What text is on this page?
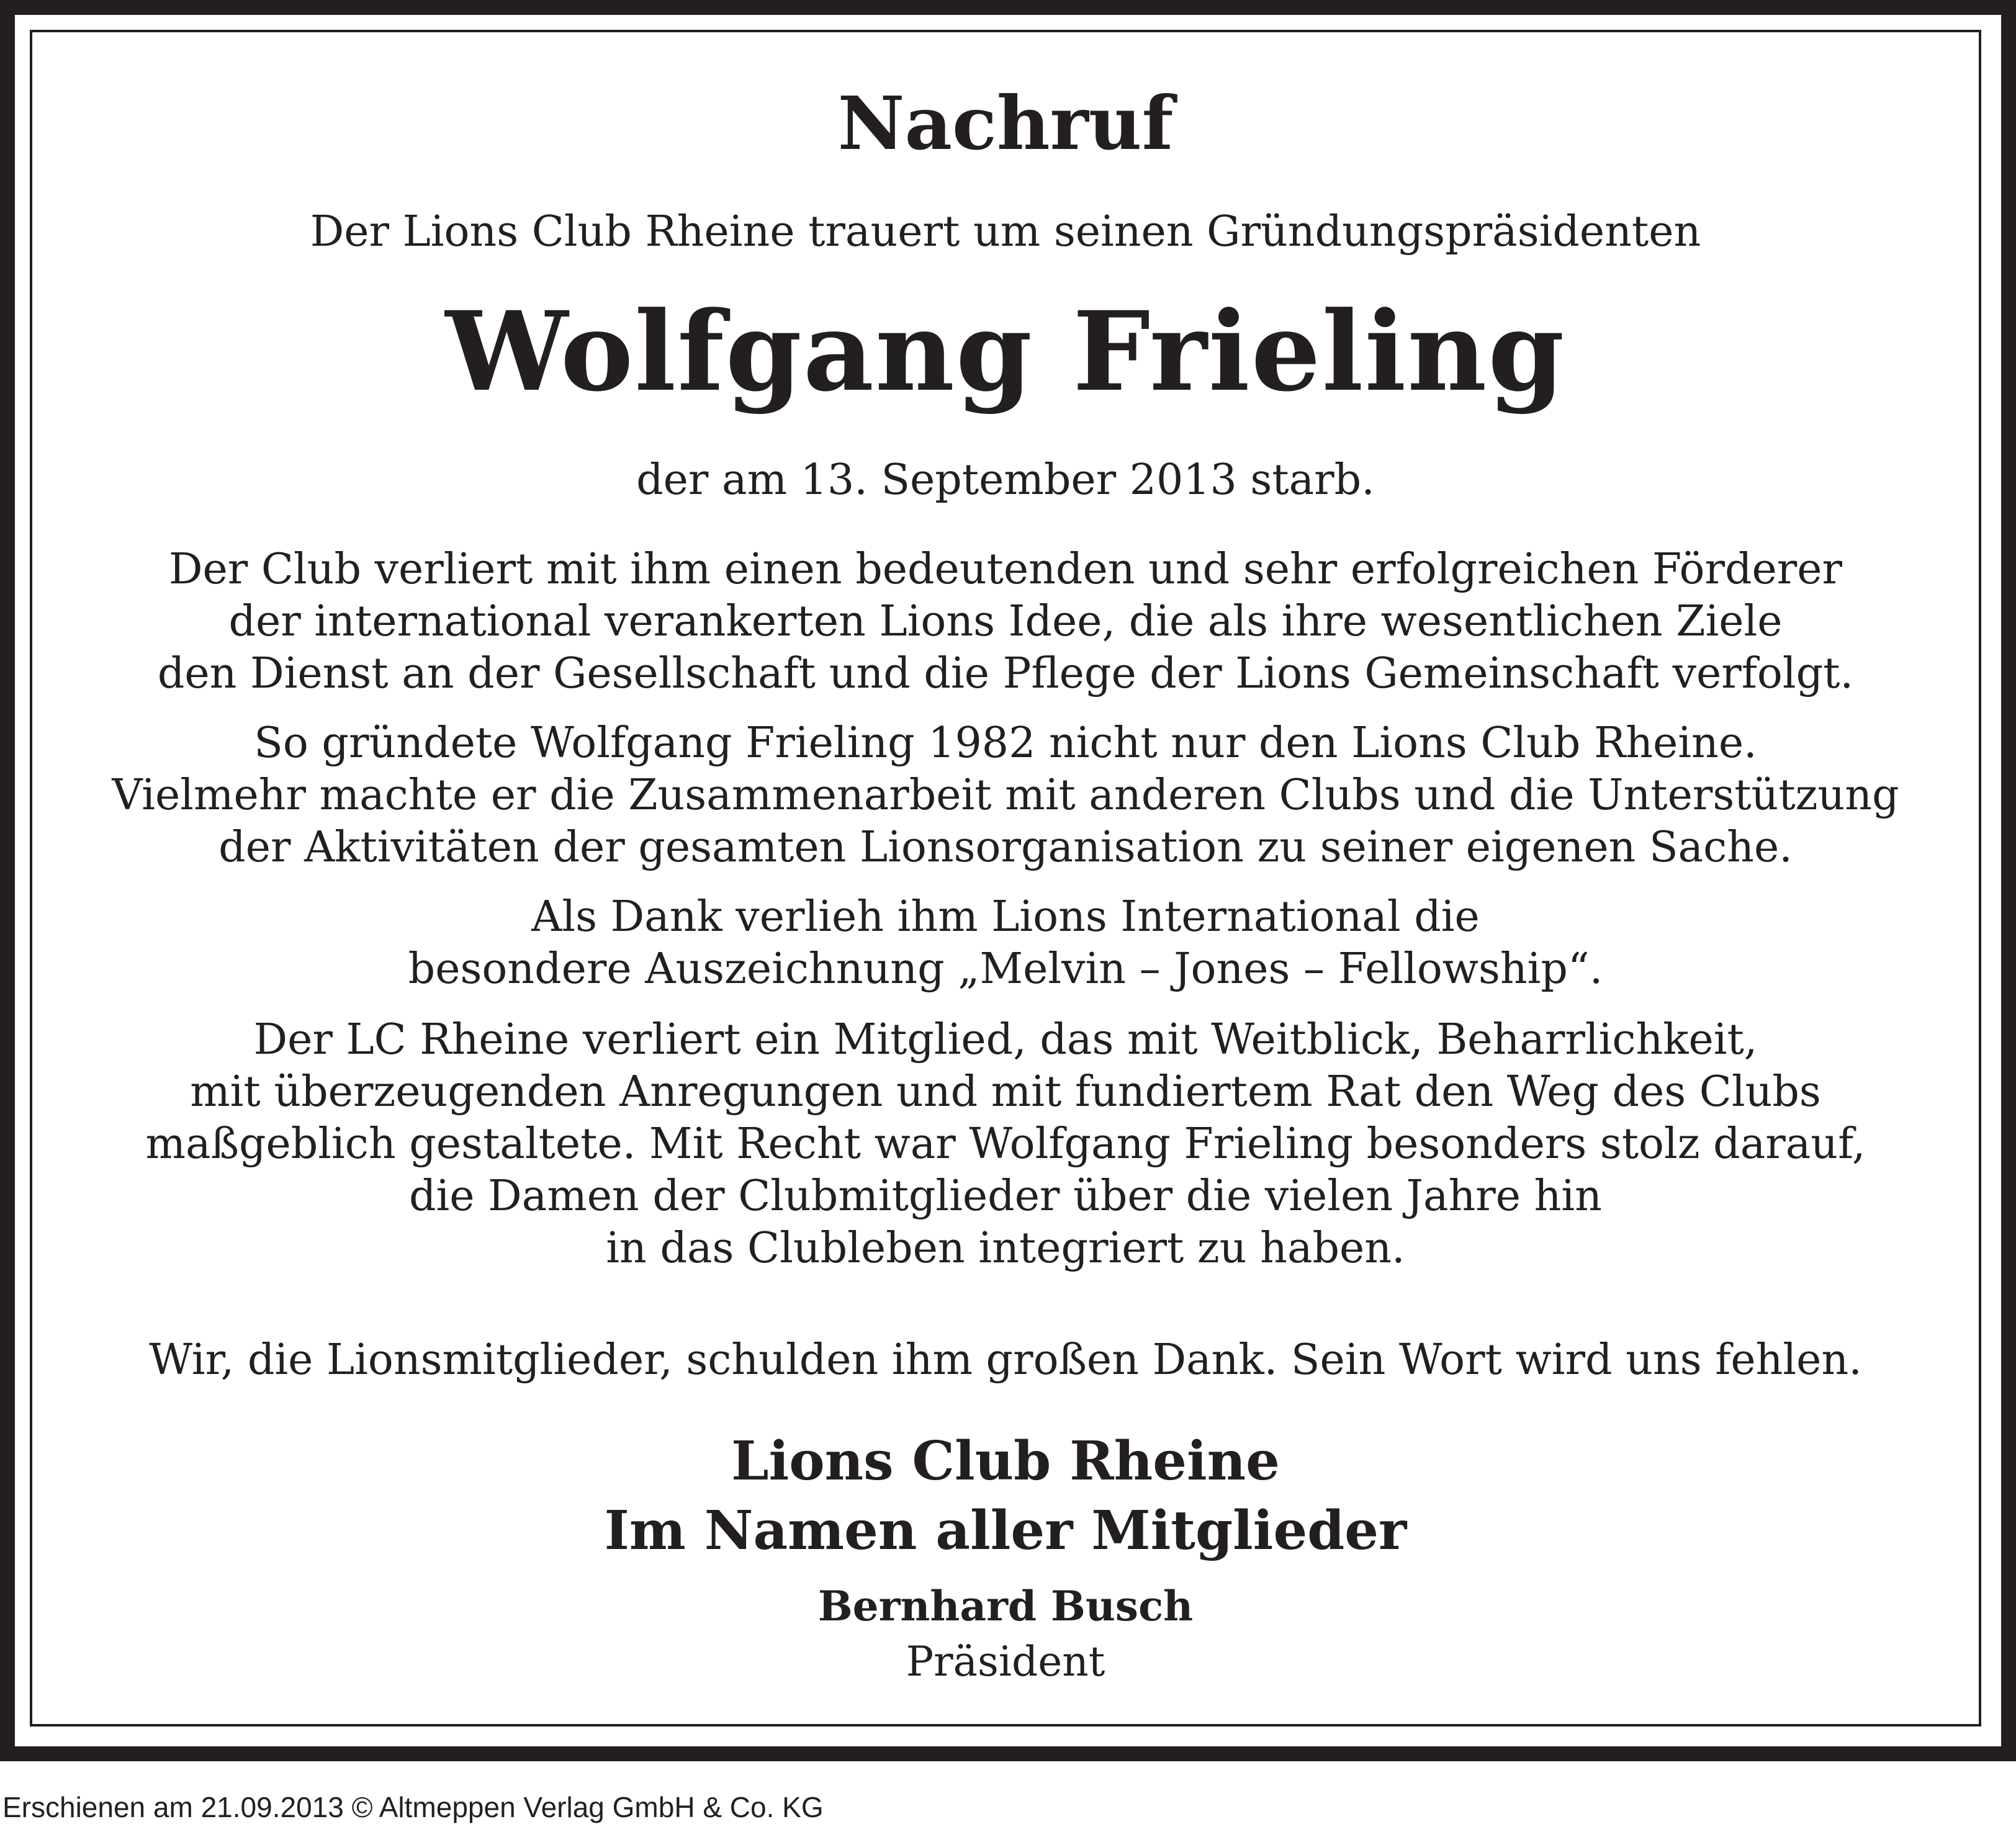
Nachruf
Der Lions Club Rheine trauert um seinen Gründungspräsidenten
Wolfgang Frieling
der am 13. September 2013 starb.
Der Club verliert mit ihm einen bedeutenden und sehr erfolgreichen Förderer
der international verankerten Lions Idee, die als ihre wesentlichen Ziele
den Dienst an der Gesellschaft und die Pflege der Lions Gemeinschaft verfolgt.
So gründete Wolfgang Frieling 1982 nicht nur den Lions Club Rheine.
Vielmehr machte er die Zusammenarbeit mit anderen Clubs und die Unterstützung
der Aktivitäten der gesamten Lionsorganisation zu seiner eigenen Sache.
Als Dank verlieh ihm Lions International die
besondere Auszeichnung „Melvin – Jones – Fellowship“.
Der LC Rheine verliert ein Mitglied, das mit Weitblick, Beharrlichkeit,
mit überzeugenden Anregungen und mit fundiertem Rat den Weg des Clubs
maßgeblich gestaltete. Mit Recht war Wolfgang Frieling besonders stolz darauf,
die Damen der Clubmitglieder über die vielen Jahre hin
in das Clubleben integriert zu haben.
Wir, die Lionsmitglieder, schulden ihm großen Dank. Sein Wort wird uns fehlen.
Lions Club Rheine
Im Namen aller Mitglieder
Bernhard Busch
Präsident
Erschienen am 21.09.2013 © Altmeppen Verlag GmbH & Co. KG
